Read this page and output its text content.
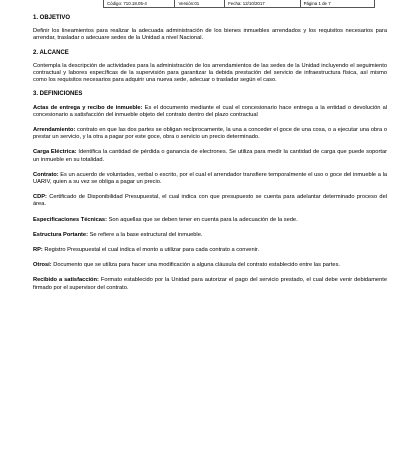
Código: 710.18.05-4	Versión:01	Fecha: 12/10/2017	Página 1 de 7
1. OBJETIVO

Definir los lineamientos para realizar la adecuada administración de los bienes inmuebles arrendados y los requisitos necesarios para arrendar, trasladar o adecuare sedes de la Unidad a nivel Nacional.

2. ALCANCE

Contempla la descripción de actividades para la administración de los arrendamientos de las sedes de la Unidad incluyendo el seguimiento contractual y labores específicas de la supervisión para garantizar la debida prestación del servicio de infraestructura física, así mismo como los requisitos necesarios para adquirir una nueva sede, adecuar o trasladar según el caso.

3. DEFINICIONES

Actas de entrega y recibo de inmueble: Es el documento mediante el cual el concesionario hace entrega a la entidad o devolución al concesionario a satisfacción del inmueble objeto del contrato dentro del plazo contractual

Arrendamiento: contrato en que las dos partes se obligan recíprocamente, la una a conceder el goce de una cosa, o a ejecutar una obra o prestar un servicio, y la otra a pagar por este goce, obra o servicio un precio determinado.

Carga Eléctrica: Identifica la cantidad de pérdida o ganancia de electrones. Se utiliza para medir la cantidad de carga que puede soportar un inmueble en su totalidad.

Contrato: Es un acuerdo de voluntades, verbal o escrito, por el cual el arrendador transfiere temporalmente el uso o goce del inmueble a la UARIV, quien a su vez se obliga a pagar un precio.

CDP: Certificado de Disponibilidad Presupuestal, el cual indica con que presupuesto se cuenta para adelantar determinado proceso del área.

Especificaciones Técnicas: Son aquellas que se deben tener en cuenta para la adecuación de la sede.

Estructura Portante: Se refiere a la base estructural del inmueble.

RP: Registro Presupuestal el cual indica el monto a utilizar para cada contrato a convenir.

Otrosí: Documento que se utiliza para hacer una modificación a alguna cláusula del contrato establecido entre las partes.

Recibido a satisfacción: Formato establecido por la Unidad para autorizar el pago del servicio prestado, el cual debe venir debidamente firmado por el supervisor del contrato.
